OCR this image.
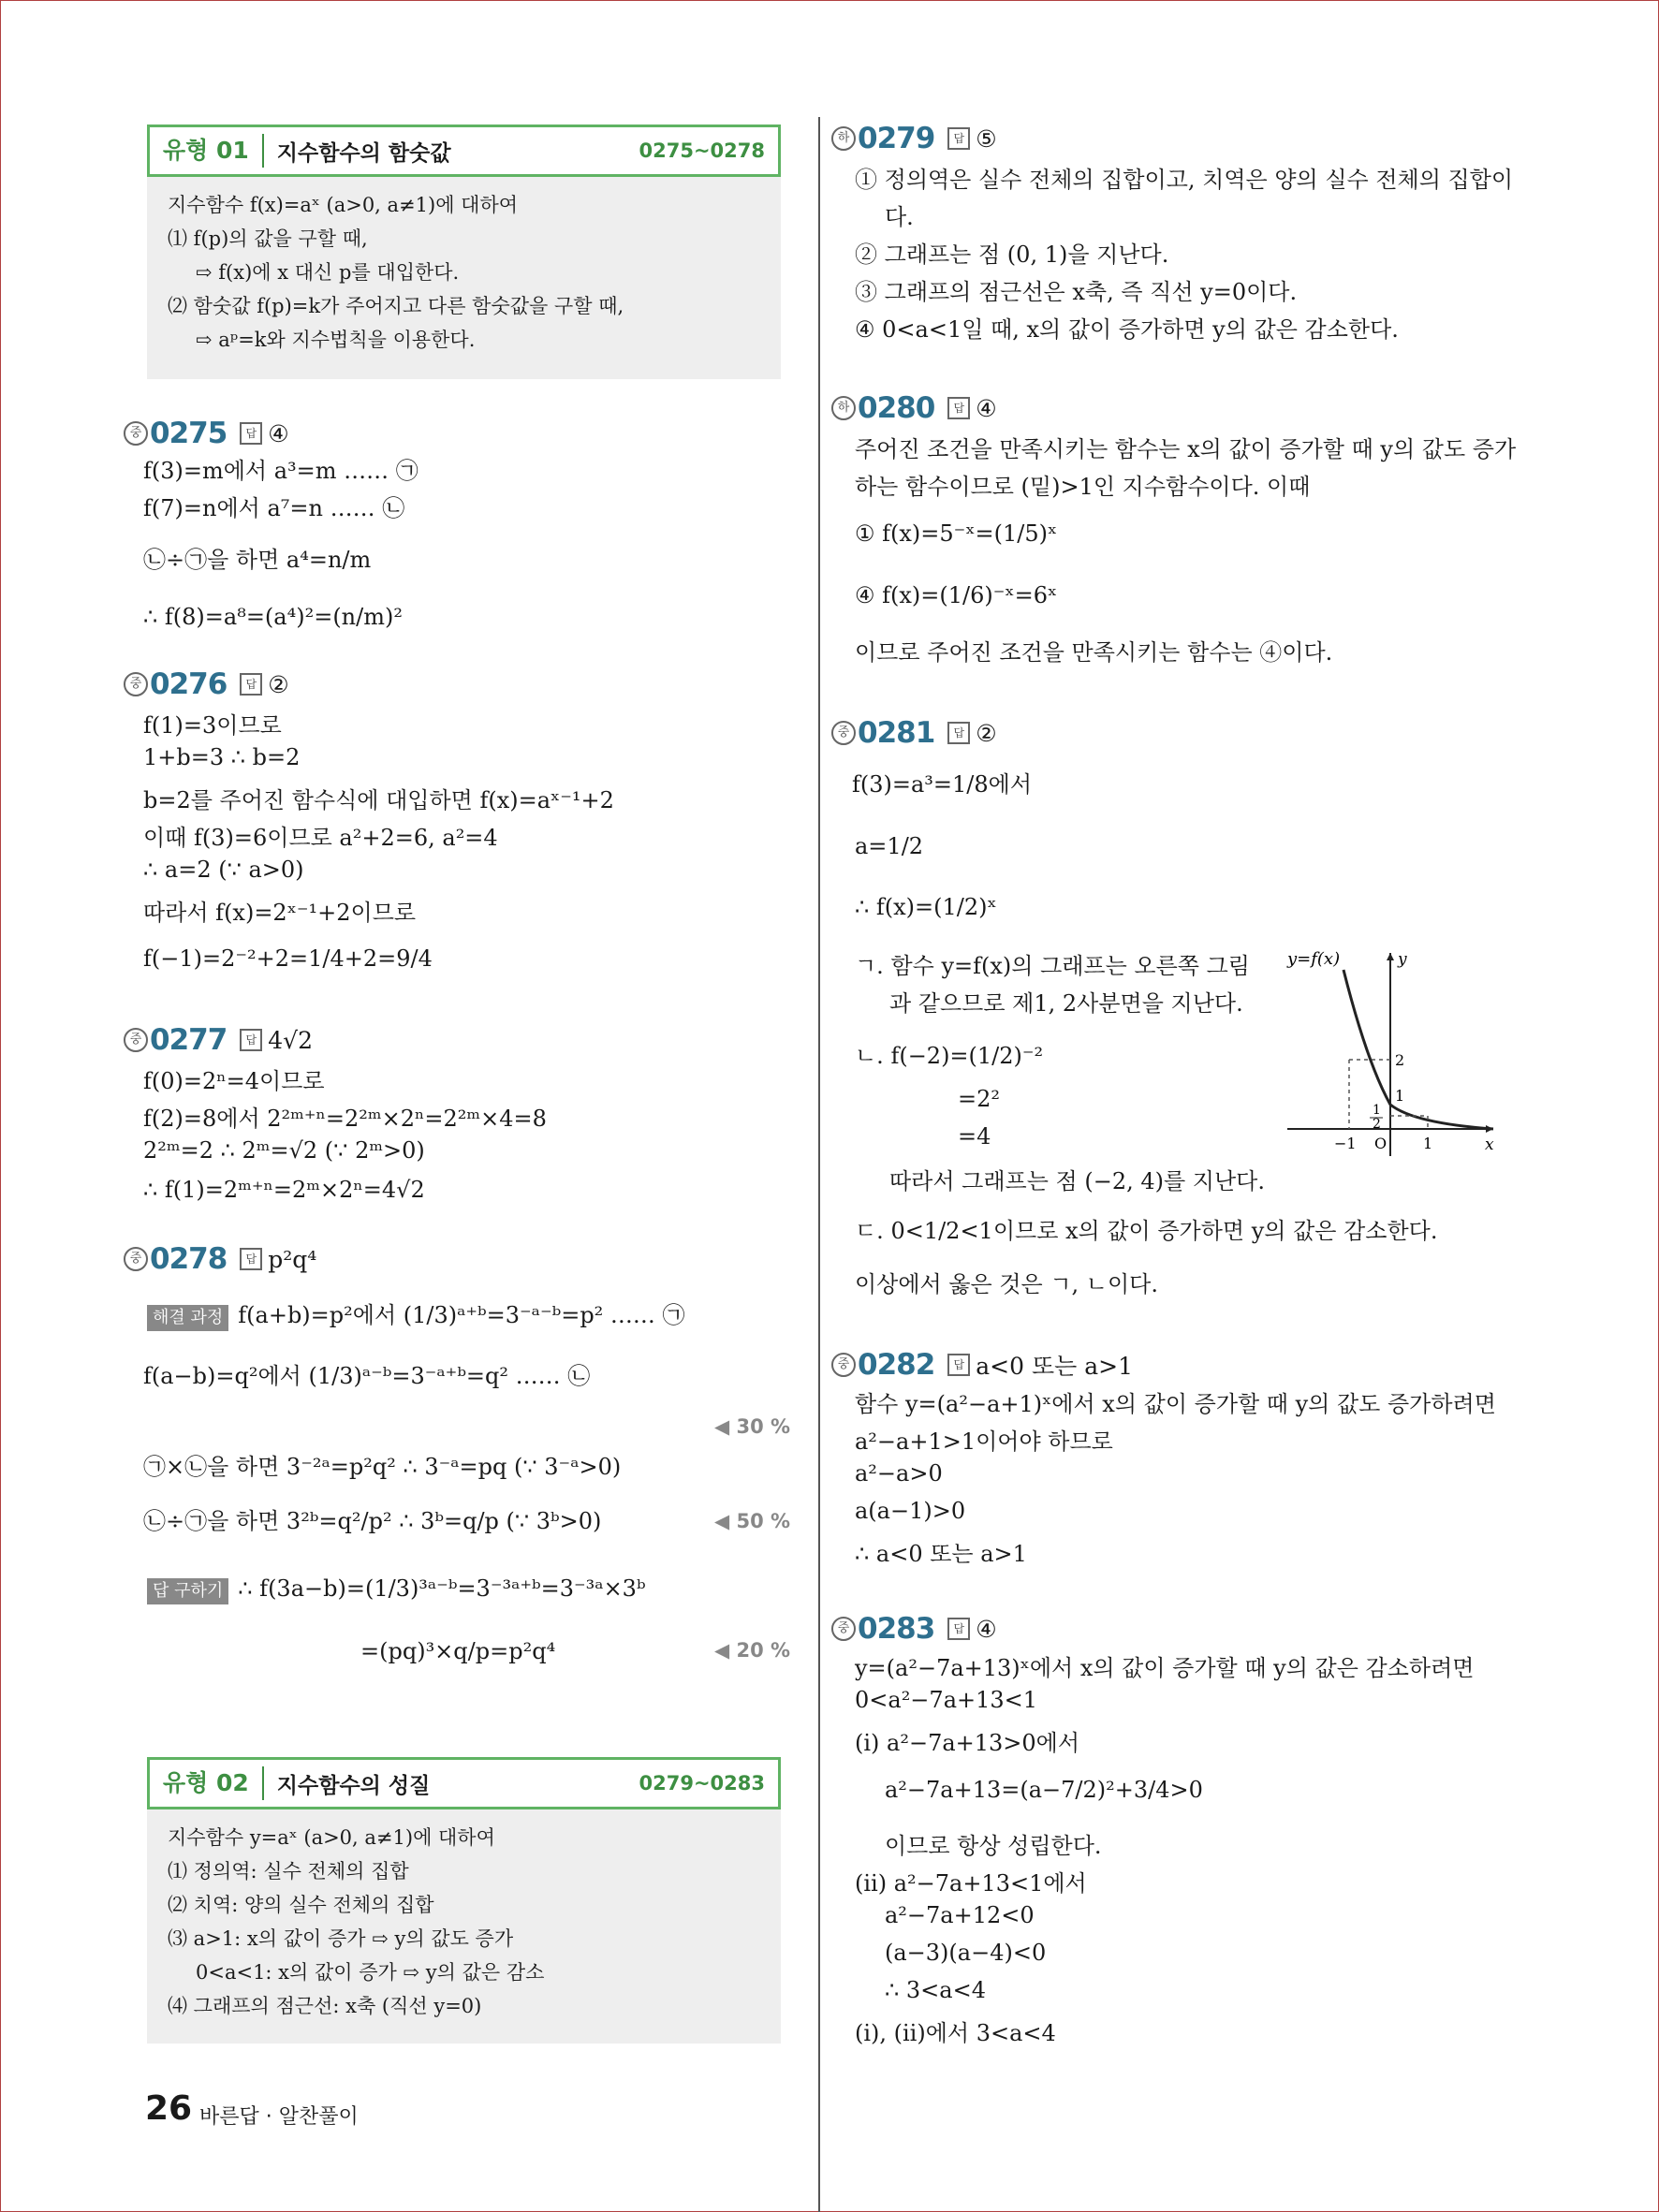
유형 01	지수함수의 함숫값	0275~0278
지수함수 f(x)=aˣ (a>0, a≠1)에 대하여
⑴ f(p)의 값을 구할 때,
⇨ f(x)에 x 대신 p를 대입한다.
⑵ 함숫값 f(p)=k가 주어지고 다른 함숫값을 구할 때,
⇨ aᵖ=k와 지수법칙을 이용한다.
중 0275	답 ④
f(3)=m에서 a³=m …… ㉠
f(7)=n에서 a⁷=n …… ㉡
㉡÷㉠을 하면 a⁴=n/m
∴ f(8)=a⁸=(a⁴)²=(n/m)²
중 0276	답 ②
f(1)=3이므로
1+b=3 ∴ b=2
b=2를 주어진 함수식에 대입하면 f(x)=aˣ⁻¹+2
이때 f(3)=6이므로 a²+2=6, a²=4
∴ a=2 (∵ a>0)
따라서 f(x)=2ˣ⁻¹+2이므로
f(−1)=2⁻²+2=1/4+2=9/4
중 0277	답 4√2
f(0)=2ⁿ=4이므로
f(2)=8에서 2²ᵐ⁺ⁿ=2²ᵐ×2ⁿ=2²ᵐ×4=8
2²ᵐ=2 ∴ 2ᵐ=√2 (∵ 2ᵐ>0)
∴ f(1)=2ᵐ⁺ⁿ=2ᵐ×2ⁿ=4√2
중 0278	답 p²q⁴
해결 과정 f(a+b)=p²에서 (1/3)ᵃ⁺ᵇ=3⁻ᵃ⁻ᵇ=p² …… ㉠
f(a−b)=q²에서 (1/3)ᵃ⁻ᵇ=3⁻ᵃ⁺ᵇ=q² …… ㉡
◀ 30 %
㉠×㉡을 하면 3⁻²ᵃ=p²q² ∴ 3⁻ᵃ=pq (∵ 3⁻ᵃ>0)
㉡÷㉠을 하면 3²ᵇ=q²/p² ∴ 3ᵇ=q/p (∵ 3ᵇ>0)	◀ 50 %
답 구하기 ∴ f(3a−b)=(1/3)³ᵃ⁻ᵇ=3⁻³ᵃ⁺ᵇ=3⁻³ᵃ×3ᵇ
=(pq)³×q/p=p²q⁴	◀ 20 %
유형 02	지수함수의 성질	0279~0283
지수함수 y=aˣ (a>0, a≠1)에 대하여
⑴ 정의역: 실수 전체의 집합
⑵ 치역: 양의 실수 전체의 집합
⑶ a>1: x의 값이 증가 ⇨ y의 값도 증가
0<a<1: x의 값이 증가 ⇨ y의 값은 감소
⑷ 그래프의 점근선: x축 (직선 y=0)
하 0279	답 ⑤
① 정의역은 실수 전체의 집합이고, 치역은 양의 실수 전체의 집합이
다.
② 그래프는 점 (0, 1)을 지난다.
③ 그래프의 점근선은 x축, 즉 직선 y=0이다.
④ 0<a<1일 때, x의 값이 증가하면 y의 값은 감소한다.
하 0280	답 ④
주어진 조건을 만족시키는 함수는 x의 값이 증가할 때 y의 값도 증가
하는 함수이므로 (밑)>1인 지수함수이다. 이때
① f(x)=5⁻ˣ=(1/5)ˣ
④ f(x)=(1/6)⁻ˣ=6ˣ
이므로 주어진 조건을 만족시키는 함수는 ④이다.
중 0281	답 ②
f(3)=a³=1/8에서
a=1/2
∴ f(x)=(1/2)ˣ
ㄱ. 함수 y=f(x)의 그래프는 오른쪽 그림
과 같으므로 제1, 2사분면을 지난다.
ㄴ. f(−2)=(1/2)⁻²
=2²
=4
따라서 그래프는 점 (−2, 4)를 지난다.
ㄷ. 0<1/2<1이므로 x의 값이 증가하면 y의 값은 감소한다.
이상에서 옳은 것은 ㄱ, ㄴ이다.
y=f(x)	y
x
2
1
1
2
−1 O 1
중 0282	답 a<0 또는 a>1
함수 y=(a²−a+1)ˣ에서 x의 값이 증가할 때 y의 값도 증가하려면
a²−a+1>1이어야 하므로
a²−a>0
a(a−1)>0
∴ a<0 또는 a>1
중 0283	답 ④
y=(a²−7a+13)ˣ에서 x의 값이 증가할 때 y의 값은 감소하려면
0<a²−7a+13<1
(ⅰ) a²−7a+13>0에서
a²−7a+13=(a−7/2)²+3/4>0
이므로 항상 성립한다.
(ⅱ) a²−7a+13<1에서
a²−7a+12<0
(a−3)(a−4)<0
∴ 3<a<4
(ⅰ), (ⅱ)에서 3<a<4
26 바른답 · 알찬풀이
